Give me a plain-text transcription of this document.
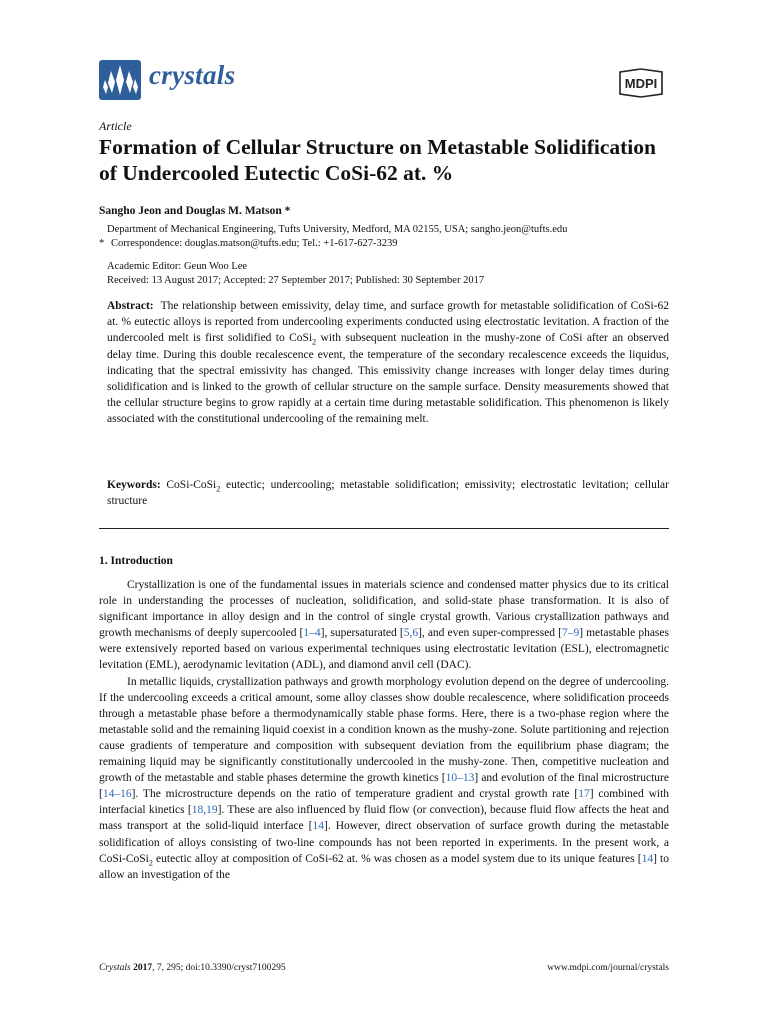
crystals	MDPI
Article
Formation of Cellular Structure on Metastable Solidification of Undercooled Eutectic CoSi-62 at. %
Sangho Jeon and Douglas M. Matson *
Department of Mechanical Engineering, Tufts University, Medford, MA 02155, USA; sangho.jeon@tufts.edu
* Correspondence: douglas.matson@tufts.edu; Tel.: +1-617-627-3239
Academic Editor: Geun Woo Lee
Received: 13 August 2017; Accepted: 27 September 2017; Published: 30 September 2017
Abstract: The relationship between emissivity, delay time, and surface growth for metastable solidification of CoSi-62 at. % eutectic alloys is reported from undercooling experiments conducted using electrostatic levitation. A fraction of the undercooled melt is first solidified to CoSi$_2$ with subsequent nucleation in the mushy-zone of CoSi after an observed delay time. During this double recalescence event, the temperature of the secondary recalescence exceeds the liquidus, indicating that the spectral emissivity has changed. This emissivity change increases with longer delay times during solidification and is linked to the growth of cellular structure on the sample surface. Density measurements showed that the cellular structure begins to grow rapidly at a certain time during metastable solidification. This phenomenon is likely associated with the constitutional undercooling of the remaining melt.
Keywords: CoSi-CoSi$_2$ eutectic; undercooling; metastable solidification; emissivity; electrostatic levitation; cellular structure
1. Introduction

Crystallization is one of the fundamental issues in materials science and condensed matter physics due to its critical role in understanding the processes of nucleation, solidification, and solid-state phase transformation. It is also of significant importance in alloy design and in the control of single crystal growth. Various crystallization pathways and growth mechanisms of deeply supercooled [1–4], supersaturated [5,6], and even super-compressed [7–9] metastable phases were extensively reported based on various experimental techniques using electrostatic levitation (ESL), electromagnetic levitation (EML), aerodynamic levitation (ADL), and diamond anvil cell (DAC).

In metallic liquids, crystallization pathways and growth morphology evolution depend on the degree of undercooling. If the undercooling exceeds a critical amount, some alloy classes show double recalescence, where solidification proceeds through a metastable phase before a thermodynamically stable phase forms. Here, there is a two-phase region where the metastable solid and the remaining liquid coexist in a condition known as the mushy-zone. Solute partitioning and rejection cause gradients of temperature and composition with subsequent deviation from the equilibrium phase diagram; the remaining liquid may be significantly constitutionally undercooled in the mushy-zone. Then, competitive nucleation and growth of the metastable and stable phases determine the growth kinetics [10–13] and evolution of the final microstructure [14–16]. The microstructure depends on the ratio of temperature gradient and crystal growth rate [17] combined with interfacial kinetics [18,19]. These are also influenced by fluid flow (or convection), because fluid flow affects the heat and mass transport at the solid-liquid interface [14]. However, direct observation of surface growth during the metastable solidification of alloys consisting of two-line compounds has not been reported in experiments. In the present work, a CoSi-CoSi$_2$ eutectic alloy at composition of CoSi-62 at. % was chosen as a model system due to its unique features [14] to allow an investigation of the

Crystals 2017, 7, 295; doi:10.3390/cryst7100295	www.mdpi.com/journal/crystals
